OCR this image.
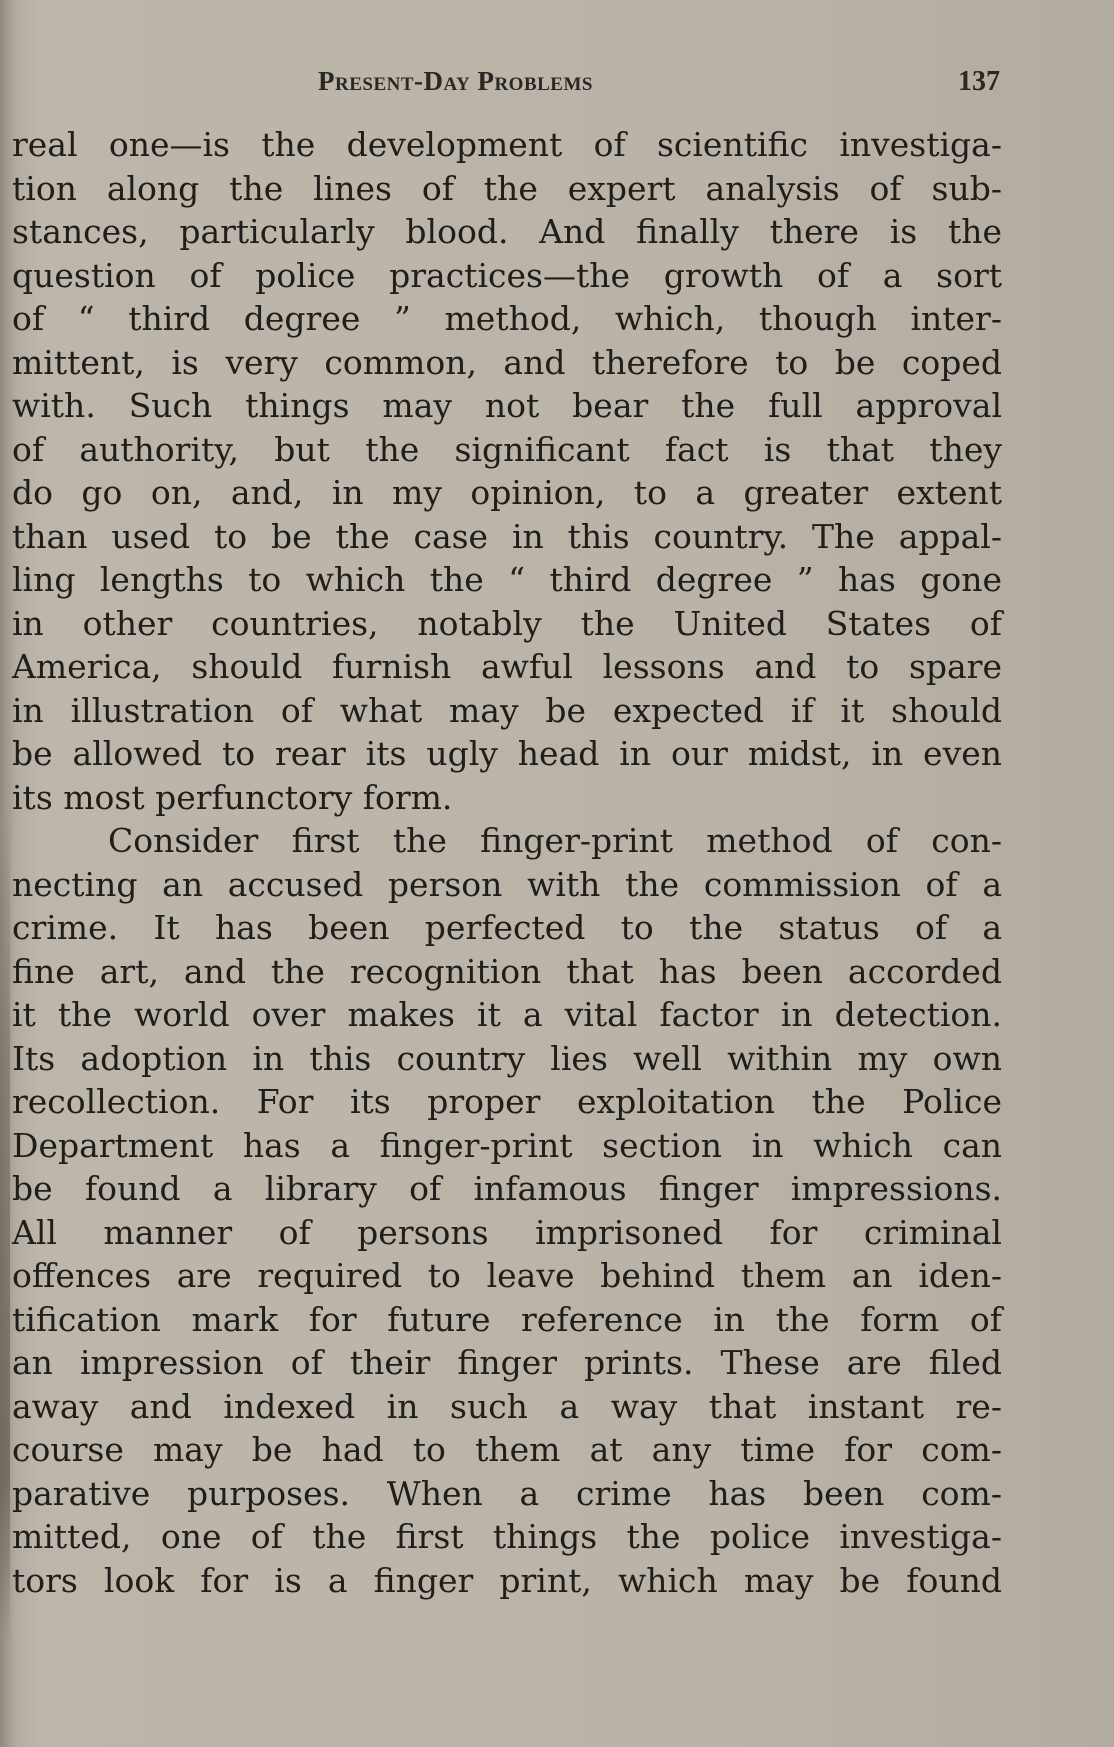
Present-Day Problems	137
real one—is the development of scientific investiga-
tion along the lines of the expert analysis of sub-
stances, particularly blood. And finally there is the
question of police practices—the growth of a sort
of “ third degree ” method, which, though inter-
mittent, is very common, and therefore to be coped
with. Such things may not bear the full approval
of authority, but the significant fact is that they
do go on, and, in my opinion, to a greater extent
than used to be the case in this country. The appal-
ling lengths to which the “ third degree ” has gone
in other countries, notably the United States of
America, should furnish awful lessons and to spare
in illustration of what may be expected if it should
be allowed to rear its ugly head in our midst, in even
its most perfunctory form.
Consider first the finger-print method of con-
necting an accused person with the commission of a
crime. It has been perfected to the status of a
fine art, and the recognition that has been accorded
it the world over makes it a vital factor in detection.
Its adoption in this country lies well within my own
recollection. For its proper exploitation the Police
Department has a finger-print section in which can
be found a library of infamous finger impressions.
All manner of persons imprisoned for criminal
offences are required to leave behind them an iden-
tification mark for future reference in the form of
an impression of their finger prints. These are filed
away and indexed in such a way that instant re-
course may be had to them at any time for com-
parative purposes. When a crime has been com-
mitted, one of the first things the police investiga-
tors look for is a finger print, which may be found
